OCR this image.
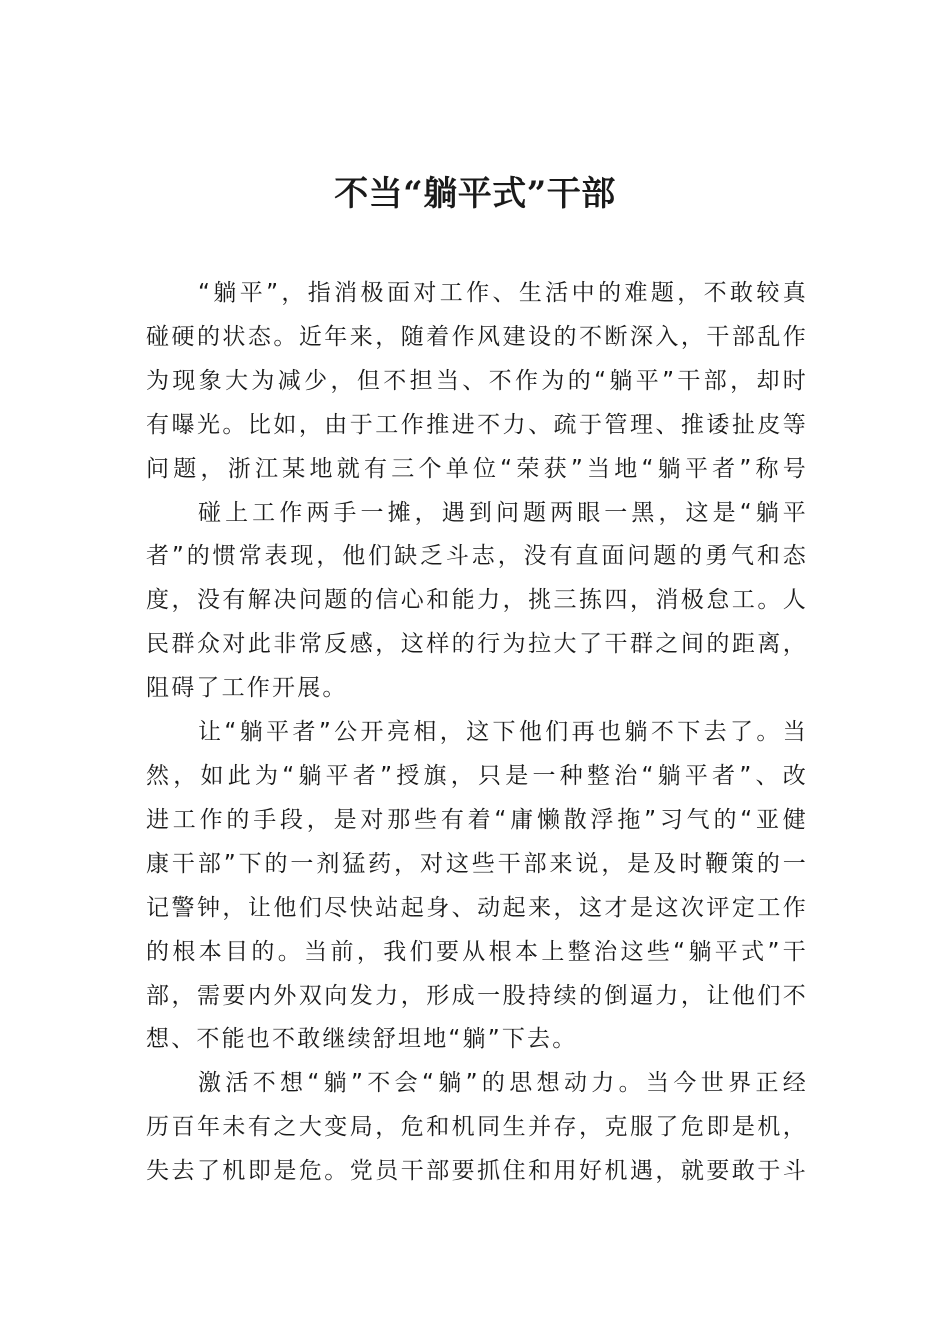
不当“躺平式”干部
“躺平”，指消极面对工作、生活中的难题，不敢较真
碰硬的状态。近年来，随着作风建设的不断深入，干部乱作
为现象大为减少，但不担当、不作为的“躺平”干部，却时
有曝光。比如，由于工作推进不力、疏于管理、推诿扯皮等
问题，浙江某地就有三个单位“荣获”当地“躺平者”称号
碰上工作两手一摊，遇到问题两眼一黑，这是“躺平
者”的惯常表现，他们缺乏斗志，没有直面问题的勇气和态
度，没有解决问题的信心和能力，挑三拣四，消极怠工。人
民群众对此非常反感，这样的行为拉大了干群之间的距离，
阻碍了工作开展。
让“躺平者”公开亮相，这下他们再也躺不下去了。当
然，如此为“躺平者”授旗，只是一种整治“躺平者”、改
进工作的手段，是对那些有着“庸懒散浮拖”习气的“亚健
康干部”下的一剂猛药，对这些干部来说，是及时鞭策的一
记警钟，让他们尽快站起身、动起来，这才是这次评定工作
的根本目的。当前，我们要从根本上整治这些“躺平式”干
部，需要内外双向发力，形成一股持续的倒逼力，让他们不
想、不能也不敢继续舒坦地“躺”下去。
激活不想“躺”不会“躺”的思想动力。当今世界正经
历百年未有之大变局，危和机同生并存，克服了危即是机，
失去了机即是危。党员干部要抓住和用好机遇，就要敢于斗
